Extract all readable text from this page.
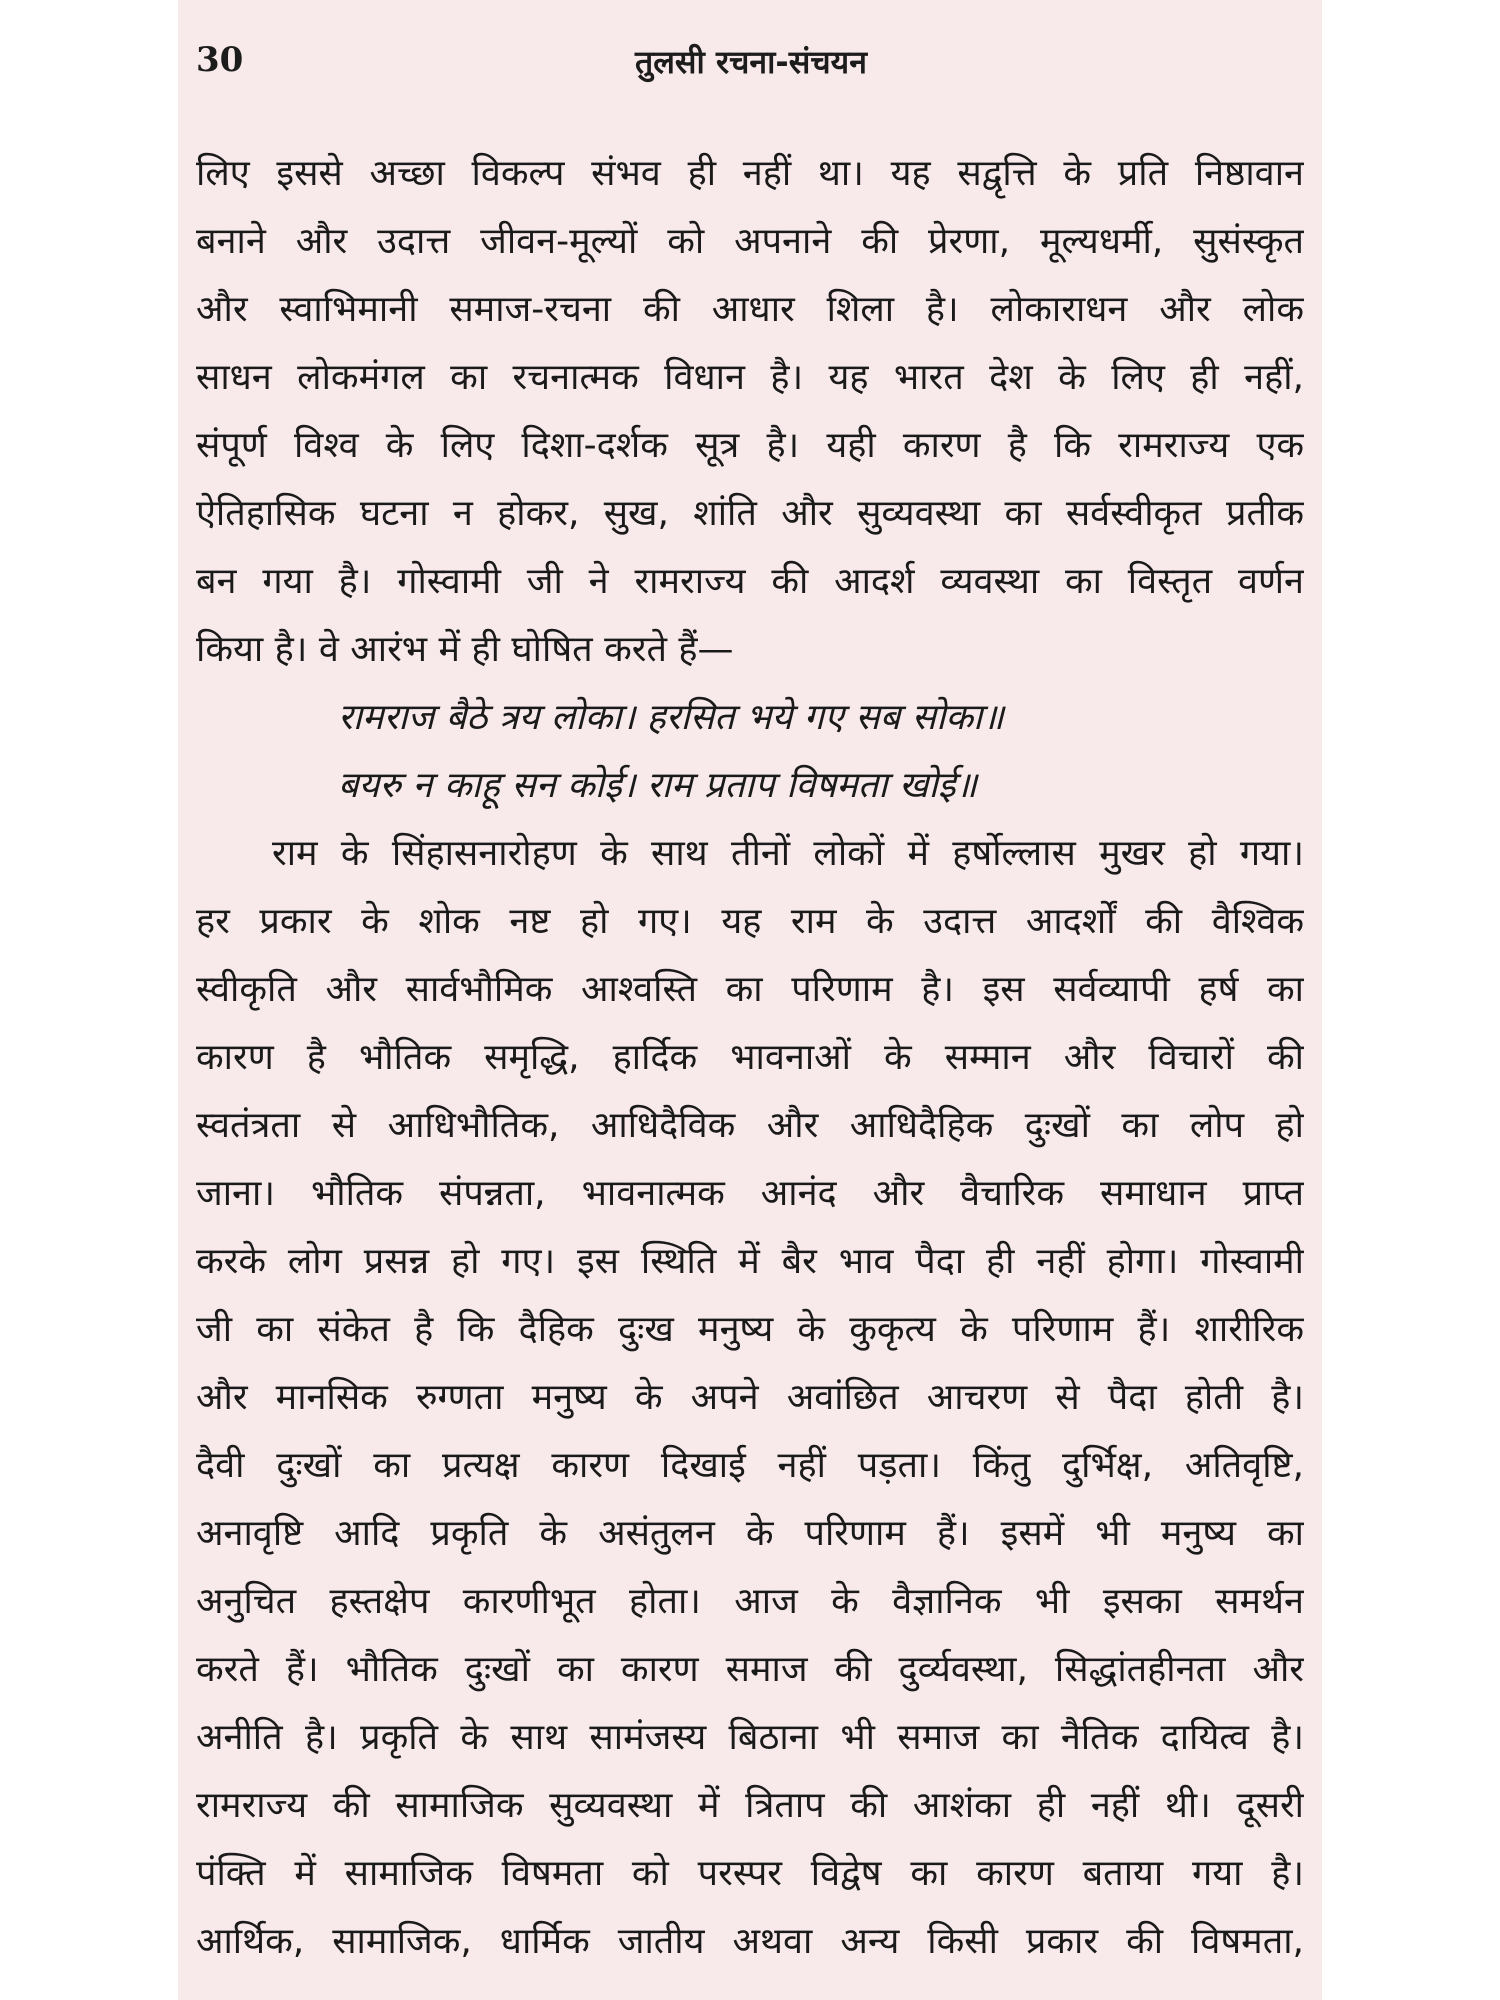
30	तुलसी रचना-संचयन
लिए इससे अच्छा विकल्प संभव ही नहीं था। यह सद्वृत्ति के प्रति निष्ठावान
बनाने और उदात्त जीवन-मूल्यों को अपनाने की प्रेरणा, मूल्यधर्मी, सुसंस्कृत
और स्वाभिमानी समाज-रचना की आधार शिला है। लोकाराधन और लोक
साधन लोकमंगल का रचनात्मक विधान है। यह भारत देश के लिए ही नहीं,
संपूर्ण विश्व के लिए दिशा-दर्शक सूत्र है। यही कारण है कि रामराज्य एक
ऐतिहासिक घटना न होकर, सुख, शांति और सुव्यवस्था का सर्वस्वीकृत प्रतीक
बन गया है। गोस्वामी जी ने रामराज्य की आदर्श व्यवस्था का विस्तृत वर्णन
किया है। वे आरंभ में ही घोषित करते हैं—
रामराज बैठे त्रय लोका। हरसित भये गए सब सोका॥
बयरु न काहू सन कोई। राम प्रताप विषमता खोई॥
राम के सिंहासनारोहण के साथ तीनों लोकों में हर्षोल्लास मुखर हो गया।
हर प्रकार के शोक नष्ट हो गए। यह राम के उदात्त आदर्शों की वैश्विक
स्वीकृति और सार्वभौमिक आश्वस्ति का परिणाम है। इस सर्वव्यापी हर्ष का
कारण है भौतिक समृद्धि, हार्दिक भावनाओं के सम्मान और विचारों की
स्वतंत्रता से आधिभौतिक, आधिदैविक और आधिदैहिक दुःखों का लोप हो
जाना। भौतिक संपन्नता, भावनात्मक आनंद और वैचारिक समाधान प्राप्त
करके लोग प्रसन्न हो गए। इस स्थिति में बैर भाव पैदा ही नहीं होगा। गोस्वामी
जी का संकेत है कि दैहिक दुःख मनुष्य के कुकृत्य के परिणाम हैं। शारीरिक
और मानसिक रुग्णता मनुष्य के अपने अवांछित आचरण से पैदा होती है।
दैवी दुःखों का प्रत्यक्ष कारण दिखाई नहीं पड़ता। किंतु दुर्भिक्ष, अतिवृष्टि,
अनावृष्टि आदि प्रकृति के असंतुलन के परिणाम हैं। इसमें भी मनुष्य का
अनुचित हस्तक्षेप कारणीभूत होता। आज के वैज्ञानिक भी इसका समर्थन
करते हैं। भौतिक दुःखों का कारण समाज की दुर्व्यवस्था, सिद्धांतहीनता और
अनीति है। प्रकृति के साथ सामंजस्य बिठाना भी समाज का नैतिक दायित्व है।
रामराज्य की सामाजिक सुव्यवस्था में त्रिताप की आशंका ही नहीं थी। दूसरी
पंक्ति में सामाजिक विषमता को परस्पर विद्वेष का कारण बताया गया है।
आर्थिक, सामाजिक, धार्मिक जातीय अथवा अन्य किसी प्रकार की विषमता,
